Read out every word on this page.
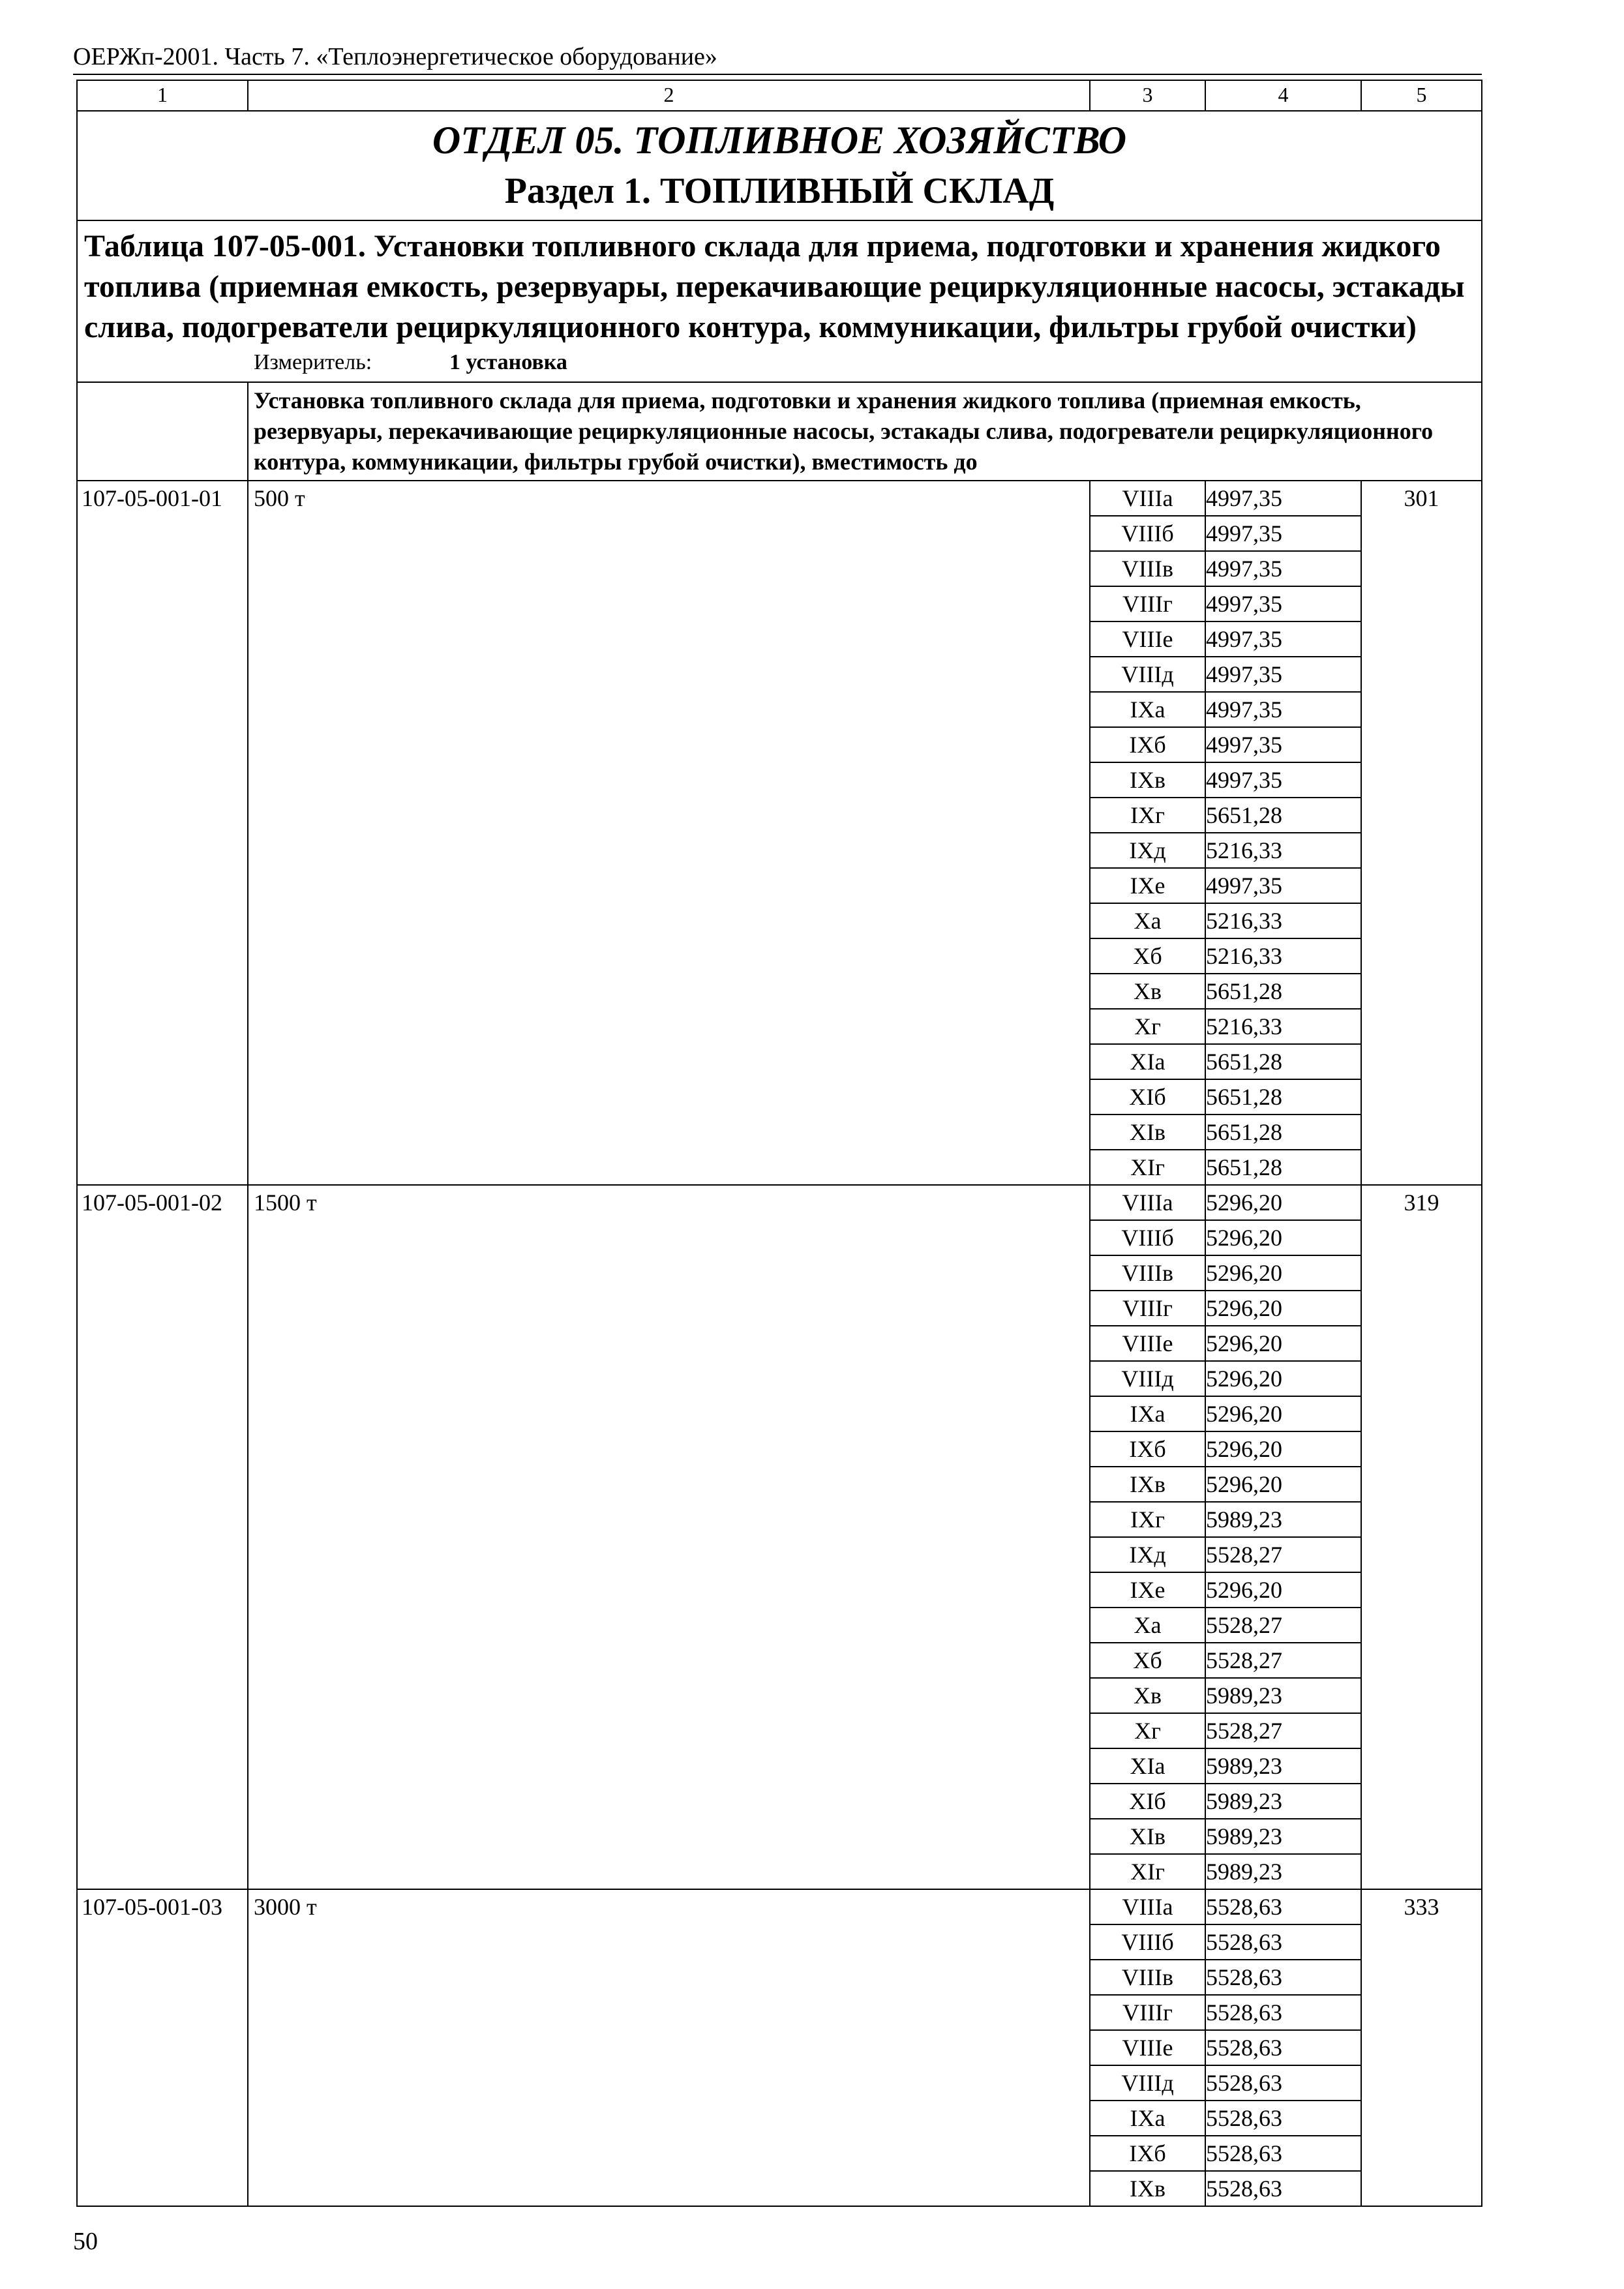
ОЕРЖп-2001. Часть 7. «Теплоэнергетическое оборудование»
1	2	3	4	5

ОТДЕЛ 05. ТОПЛИВНОЕ ХОЗЯЙСТВО
Раздел 1. ТОПЛИВНЫЙ СКЛАД				

Таблица 107-05-001. Установки топливного склада для приема, подготовки и хранения жидкого топлива (приемная емкость, резервуары, перекачивающие рециркуляционные насосы, эстакады слива, подогреватели рециркуляционного контура, коммуникации, фильтры грубой очистки)
Измеритель: 1 установка				

	Установка топливного склада для приема, подготовки и хранения жидкого топлива (приемная емкость, резервуары, перекачивающие рециркуляционные насосы, эстакады слива, подогреватели рециркуляционного контура, коммуникации, фильтры грубой очистки), вместимость до			
107-05-001-01	500 т	VIIIа	4997,35	301
		VIIIб	4997,35	
		VIIIв	4997,35	
		VIIIг	4997,35	
		VIIIе	4997,35	
		VIIIд	4997,35	
		IXа	4997,35	
		IXб	4997,35	
		IXв	4997,35	
		IXг	5651,28	
		IXд	5216,33	
		IXе	4997,35	
		Xа	5216,33	
		Xб	5216,33	
		Xв	5651,28	
		Xг	5216,33	
		XIа	5651,28	
		XIб	5651,28	
		XIв	5651,28	
		XIг	5651,28	
107-05-001-02	1500 т	VIIIа	5296,20	319
		VIIIб	5296,20	
		VIIIв	5296,20	
		VIIIг	5296,20	
		VIIIе	5296,20	
		VIIIд	5296,20	
		IXа	5296,20	
		IXб	5296,20	
		IXв	5296,20	
		IXг	5989,23	
		IXд	5528,27	
		IXе	5296,20	
		Xа	5528,27	
		Xб	5528,27	
		Xв	5989,23	
		Xг	5528,27	
		XIа	5989,23	
		XIб	5989,23	
		XIв	5989,23	
		XIг	5989,23	
107-05-001-03	3000 т	VIIIа	5528,63	333
		VIIIб	5528,63	
		VIIIв	5528,63	
		VIIIг	5528,63	
		VIIIе	5528,63	
		VIIIд	5528,63	
		IXа	5528,63	
		IXб	5528,63	
		IXв	5528,63	
50
